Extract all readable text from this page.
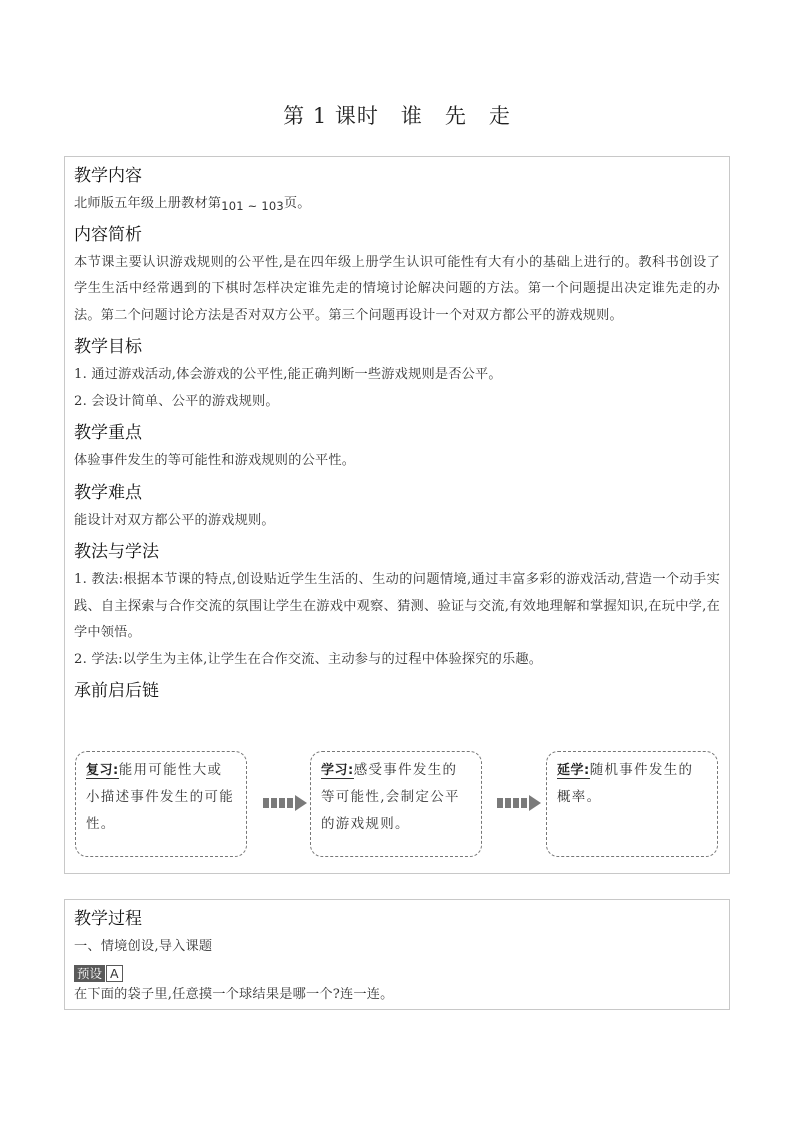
第 1 课时 谁 先 走
教学内容

北师版五年级上册教材第101 ~ 103页。

内容简析

本节课主要认识游戏规则的公平性,是在四年级上册学生认识可能性有大有小的基础上进行的。教科书创设了学生生活中经常遇到的下棋时怎样决定谁先走的情境讨论解决问题的方法。第一个问题提出决定谁先走的办法。第二个问题讨论方法是否对双方公平。第三个问题再设计一个对双方都公平的游戏规则。

教学目标

1. 通过游戏活动,体会游戏的公平性,能正确判断一些游戏规则是否公平。

2. 会设计简单、公平的游戏规则。

教学重点

体验事件发生的等可能性和游戏规则的公平性。

教学难点

能设计对双方都公平的游戏规则。

教法与学法

1. 教法:根据本节课的特点,创设贴近学生生活的、生动的问题情境,通过丰富多彩的游戏活动,营造一个动手实践、自主探索与合作交流的氛围让学生在游戏中观察、猜测、验证与交流,有效地理解和掌握知识,在玩中学,在学中领悟。

2. 学法:以学生为主体,让学生在合作交流、主动参与的过程中体验探究的乐趣。

承前启后链
复习:能用可能性大或小描述事件发生的可能性。
学习:感受事件发生的等可能性,会制定公平的游戏规则。
延学:随机事件发生的概率。
教学过程

一、情境创设,导入课题

预设 A

在下面的袋子里,任意摸一个球结果是哪一个?连一连。
